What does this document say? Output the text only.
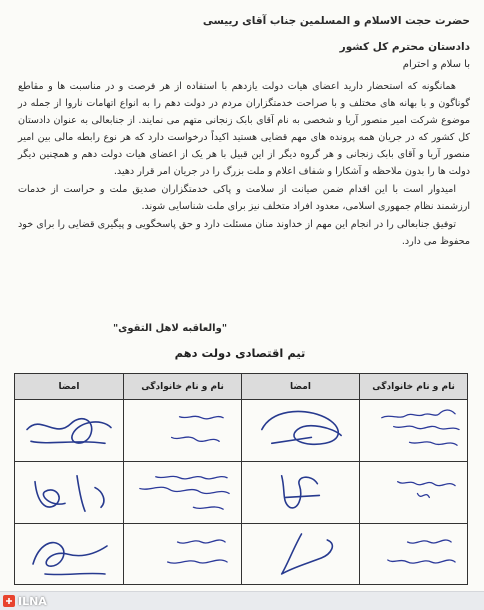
حضرت حجت الاسلام و المسلمین جناب آقای رییسی
دادستان محترم کل کشور
با سلام و احترام

همانگونه که استحضار دارید اعضای هیات دولت یازدهم با استفاده از هر فرصت و در مناسبت ها و مقاطع گوناگون و با بهانه های مختلف و با صراحت خدمتگزاران مردم در دولت دهم را به انواع اتهامات ناروا از جمله در موضوع شرکت امیر منصور آریا و شخصی به نام آقای بابک زنجانی متهم می نمایند. از جنابعالی به عنوان دادستان کل کشور که در جریان همه پرونده های مهم قضایی هستید اکیداً درخواست دارد که هر نوع رابطه مالی بین امیر منصور آریا و آقای بابک زنجانی و هر گروه دیگر از این قبیل با هر یک از اعضای هیات دولت دهم و همچنین دیگر دولت ها را بدون ملاحظه و آشکارا و شفاف اعلام و ملت بزرگ را در جریان امر قرار دهید.

امیدوار است با این اقدام ضمن صیانت از سلامت و پاکی خدمتگزاران صدیق ملت و حراست از خدمات ارزشمند نظام جمهوری اسلامی، معدود افراد متخلف نیز برای ملت شناسایی شوند.

توفیق جنابعالی را در انجام این مهم از خداوند منان مسئلت دارد و حق پاسخگویی و پیگیری قضایی را برای خود محفوظ می دارد.

"والعاقبه لاهل التقوی"
تیم اقتصادی دولت دهم
نام و نام خانوادگی
امضا
نام و نام خانوادگی
امضا
ILNA
